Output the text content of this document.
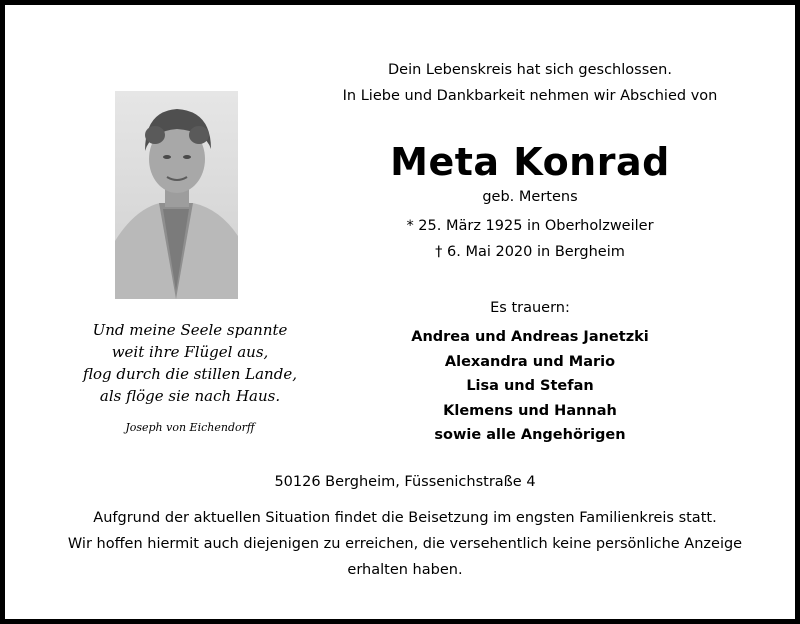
Dein Lebenskreis hat sich geschlossen.
In Liebe und Dankbarkeit nehmen wir Abschied von
Meta Konrad
geb. Mertens
* 25. März 1925 in Oberholzweiler
† 6. Mai 2020 in Bergheim
Und meine Seele spannte
weit ihre Flügel aus,
flog durch die stillen Lande,
als flöge sie nach Haus.
Joseph von Eichendorff
Es trauern:
Andrea und Andreas Janetzki
Alexandra und Mario
Lisa und Stefan
Klemens und Hannah
sowie alle Angehörigen
50126 Bergheim, Füssenichstraße 4
Aufgrund der aktuellen Situation findet die Beisetzung im engsten Familienkreis statt.
Wir hoffen hiermit auch diejenigen zu erreichen, die versehentlich keine persönliche Anzeige
erhalten haben.
